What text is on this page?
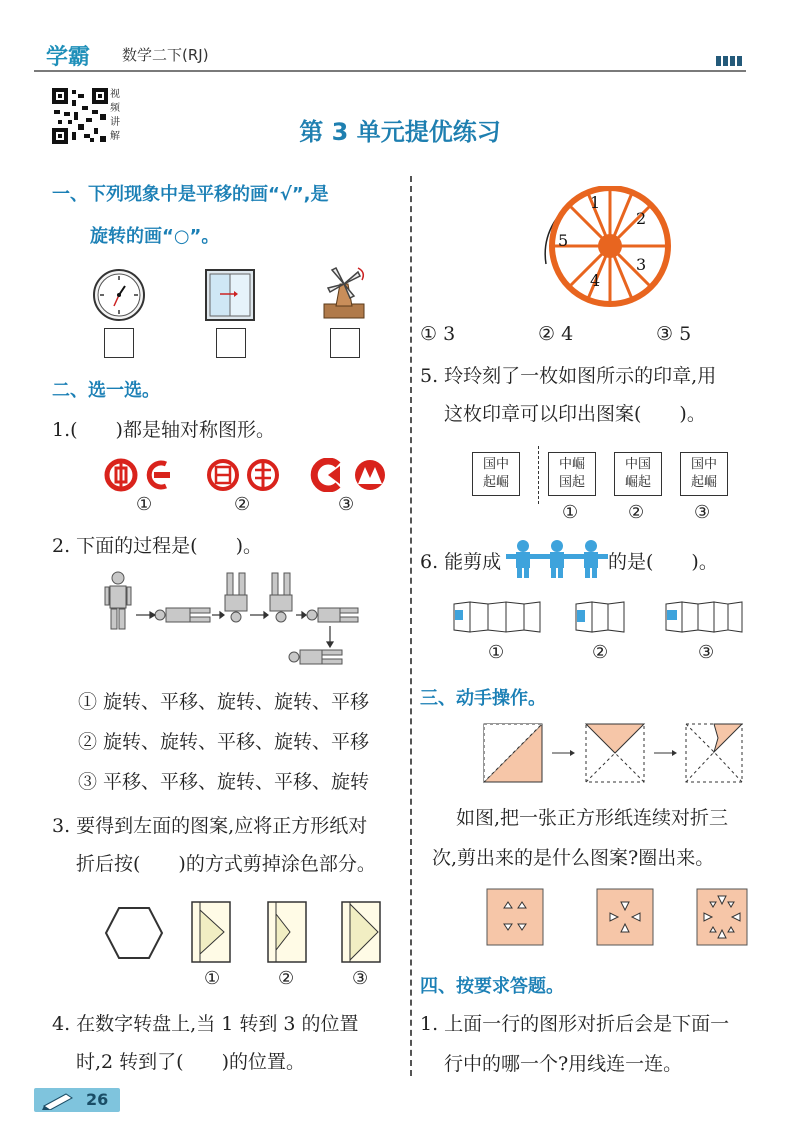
学霸 数学二下(RJ)
视频讲解	第 3 单元提优练习
一、下列现象中是平移的画“√”,是
旋转的画“○”。
二、选一选。
1.(　　)都是轴对称图形。
①	②	③
2. 下面的过程是(　　)。
① 旋转、平移、旋转、旋转、平移
② 旋转、旋转、平移、旋转、平移
③ 平移、平移、旋转、平移、旋转
3. 要得到左面的图案,应将正方形纸对
折后按(　　)的方式剪掉涂色部分。
①	②	③
4. 在数字转盘上,当 1 转到 3 的位置
时,2 转到了(　　)的位置。
26
1
2
3
4
5
① 3	② 4	③ 5
5. 玲玲刻了一枚如图所示的印章,用
这枚印章可以印出图案(　　)。
国中
起崛
中崛
国起
中国
崛起
国中
起崛
①	②	③
6. 能剪成	的是(　　)。
①	②	③
三、动手操作。
如图,把一张正方形纸连续对折三
次,剪出来的是什么图案?圈出来。
四、按要求答题。
1. 上面一行的图形对折后会是下面一
行中的哪一个?用线连一连。
